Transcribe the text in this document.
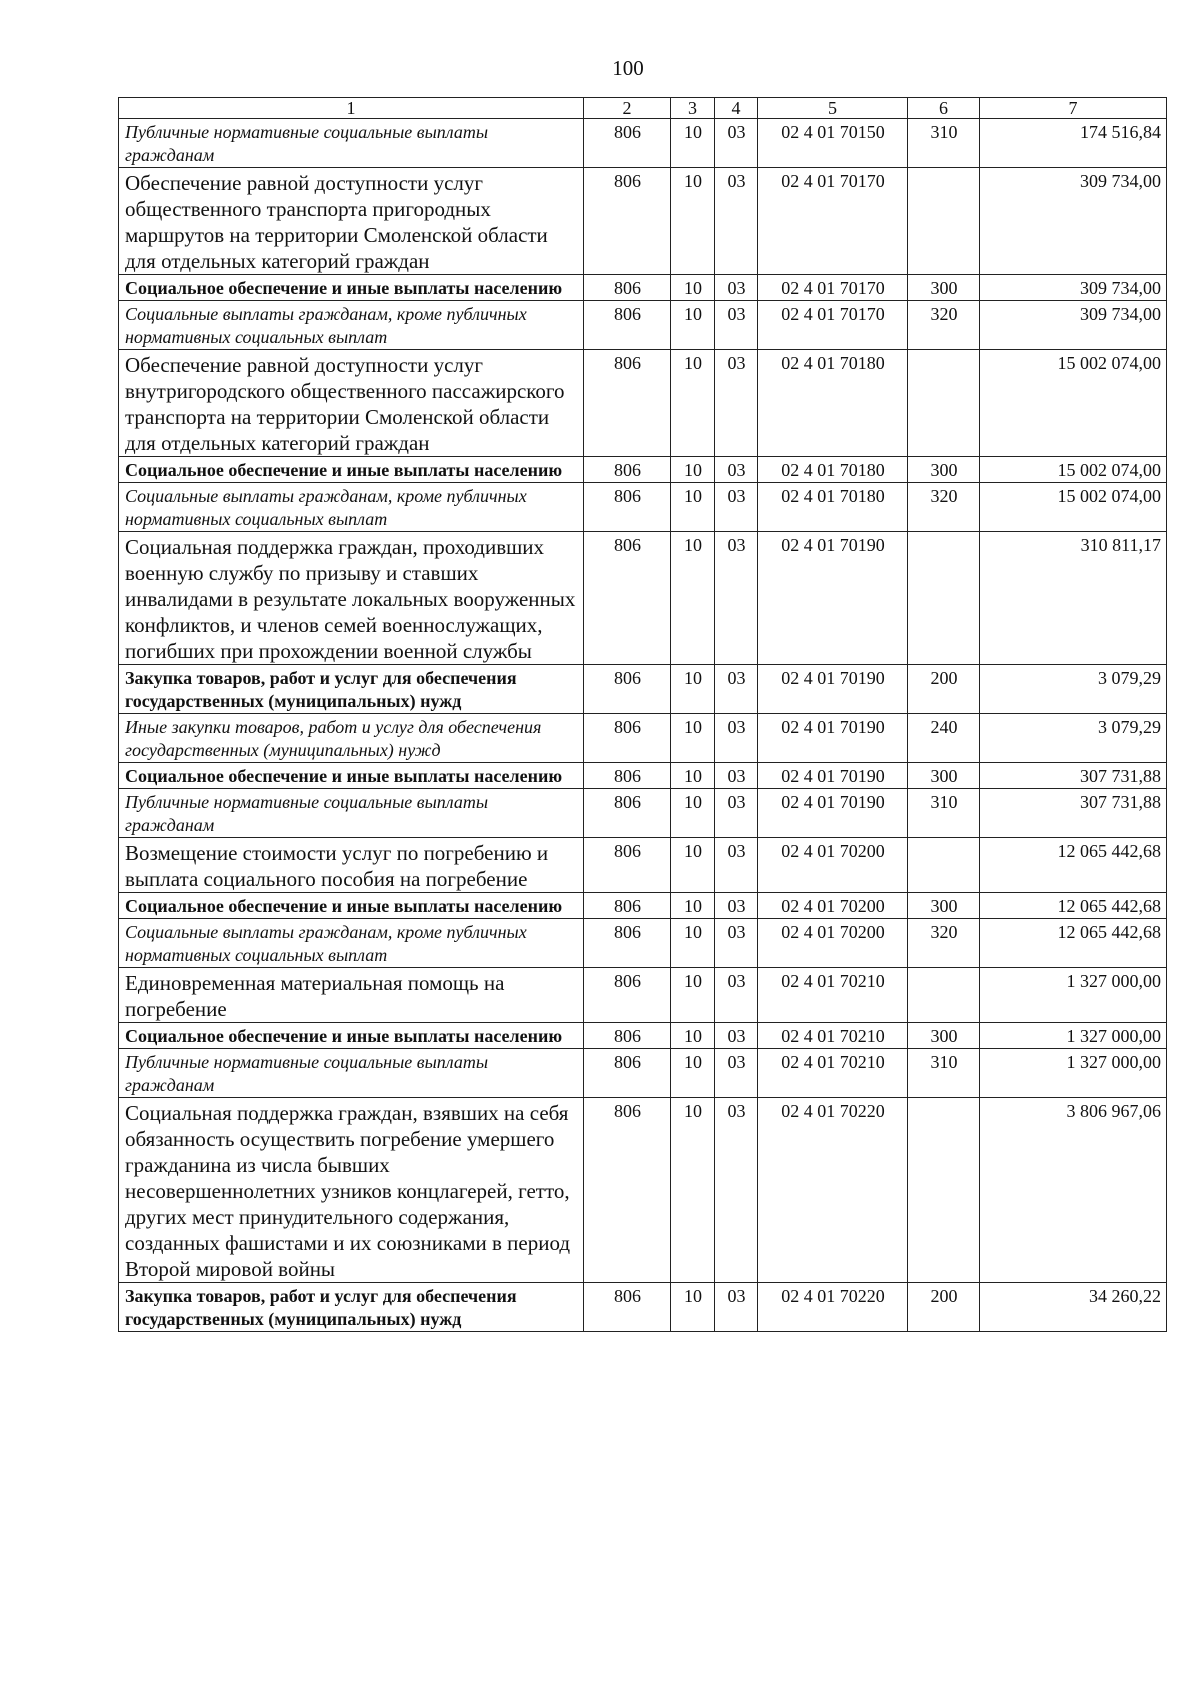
100
1	2	3	4	5	6	7
Публичные нормативные социальные выплаты гражданам	806	10	03	02 4 01 70150	310	174 516,84
Обеспечение равной доступности услуг общественного транспорта пригородных маршрутов на территории Смоленской области для отдельных категорий граждан	806	10	03	02 4 01 70170		309 734,00
Социальное обеспечение и иные выплаты населению	806	10	03	02 4 01 70170	300	309 734,00
Социальные выплаты гражданам, кроме публичных нормативных социальных выплат	806	10	03	02 4 01 70170	320	309 734,00
Обеспечение равной доступности услуг внутригородского общественного пассажирского транспорта на территории Смоленской области для отдельных категорий граждан	806	10	03	02 4 01 70180		15 002 074,00
Социальное обеспечение и иные выплаты населению	806	10	03	02 4 01 70180	300	15 002 074,00
Социальные выплаты гражданам, кроме публичных нормативных социальных выплат	806	10	03	02 4 01 70180	320	15 002 074,00
Социальная поддержка граждан, проходивших военную службу по призыву и ставших инвалидами в результате локальных вооруженных конфликтов, и членов семей военнослужащих, погибших при прохождении военной службы	806	10	03	02 4 01 70190		310 811,17
Закупка товаров, работ и услуг для обеспечения государственных (муниципальных) нужд	806	10	03	02 4 01 70190	200	3 079,29
Иные закупки товаров, работ и услуг для обеспечения государственных (муниципальных) нужд	806	10	03	02 4 01 70190	240	3 079,29
Социальное обеспечение и иные выплаты населению	806	10	03	02 4 01 70190	300	307 731,88
Публичные нормативные социальные выплаты гражданам	806	10	03	02 4 01 70190	310	307 731,88
Возмещение стоимости услуг по погребению и выплата социального пособия на погребение	806	10	03	02 4 01 70200		12 065 442,68
Социальное обеспечение и иные выплаты населению	806	10	03	02 4 01 70200	300	12 065 442,68
Социальные выплаты гражданам, кроме публичных нормативных социальных выплат	806	10	03	02 4 01 70200	320	12 065 442,68
Единовременная материальная помощь на погребение	806	10	03	02 4 01 70210		1 327 000,00
Социальное обеспечение и иные выплаты населению	806	10	03	02 4 01 70210	300	1 327 000,00
Публичные нормативные социальные выплаты гражданам	806	10	03	02 4 01 70210	310	1 327 000,00
Социальная поддержка граждан, взявших на себя обязанность осуществить погребение умершего гражданина из числа бывших несовершеннолетних узников концлагерей, гетто, других мест принудительного содержания, созданных фашистами и их союзниками в период Второй мировой войны	806	10	03	02 4 01 70220		3 806 967,06
Закупка товаров, работ и услуг для обеспечения государственных (муниципальных) нужд	806	10	03	02 4 01 70220	200	34 260,22
